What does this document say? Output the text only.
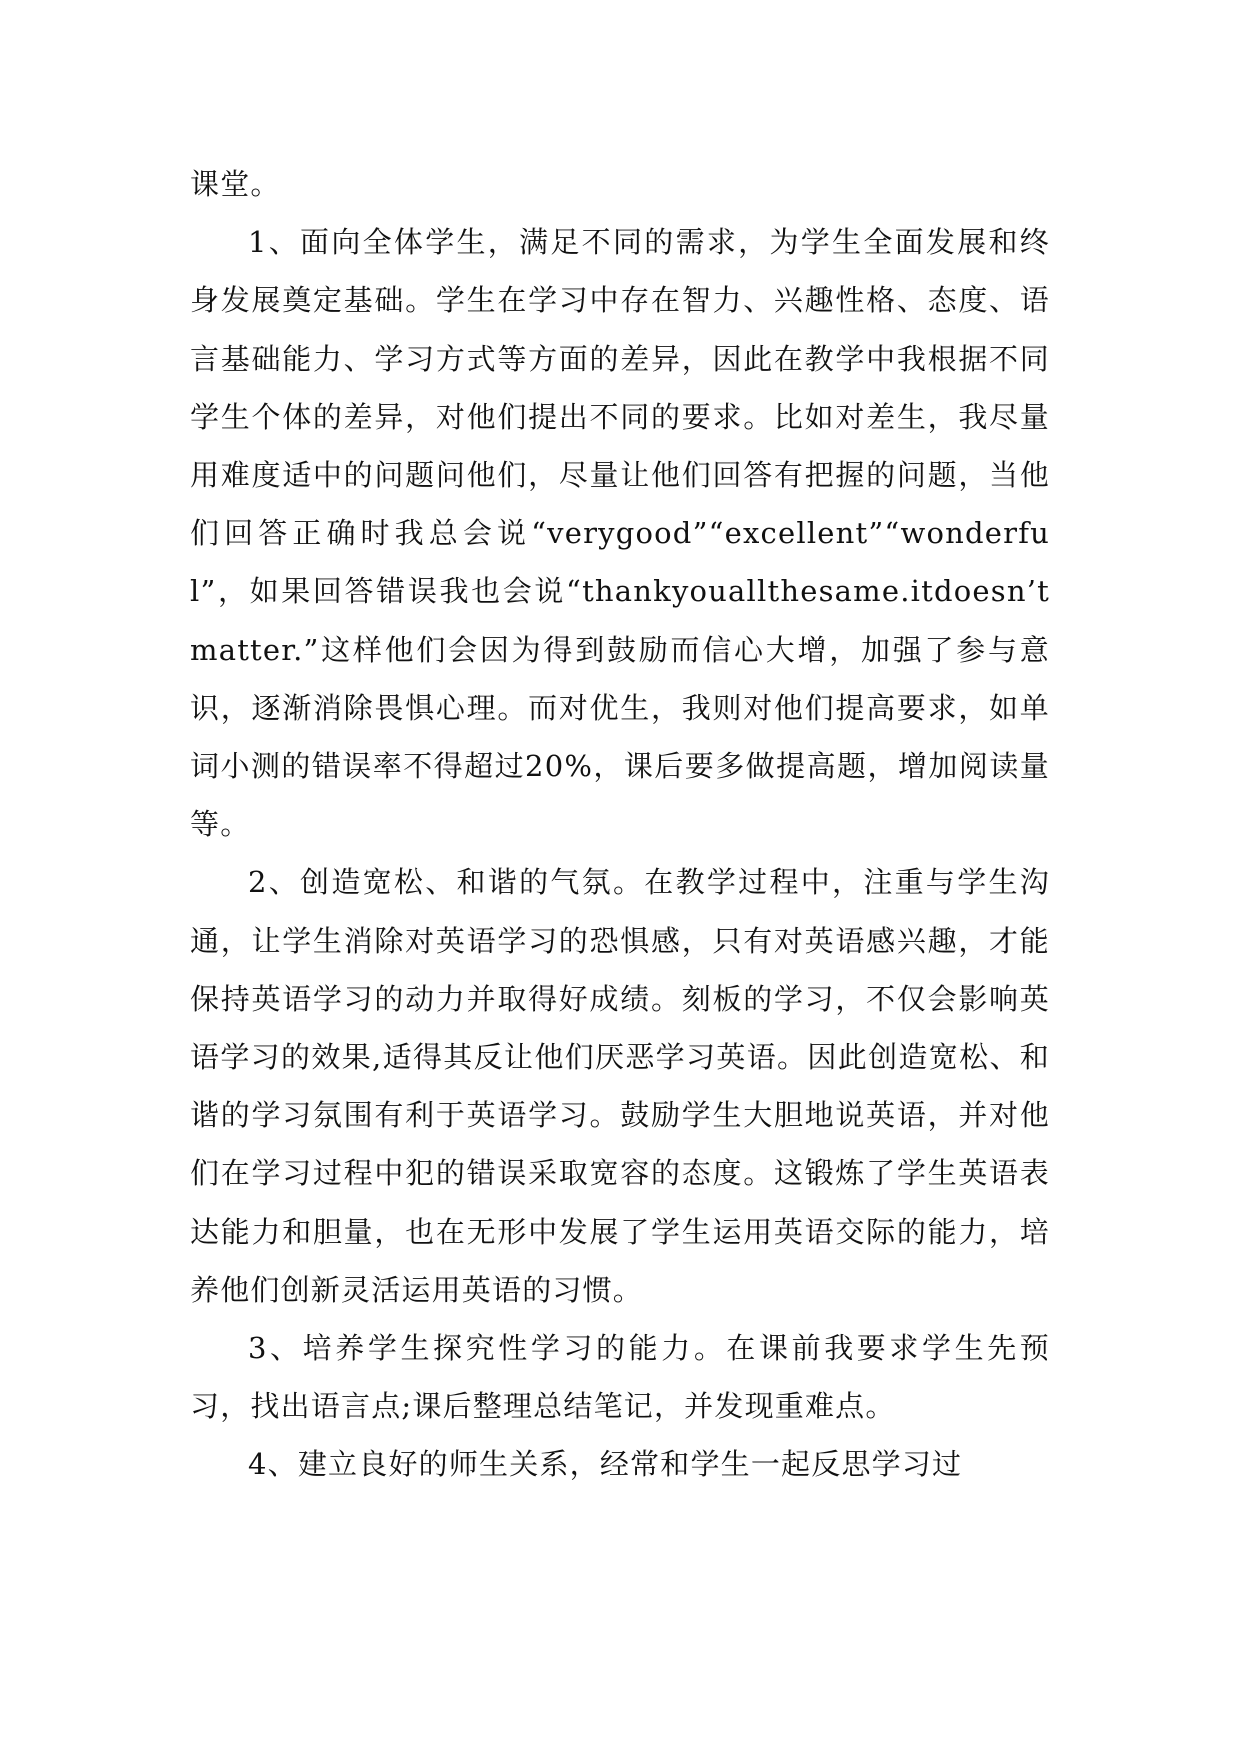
课堂。

1、面向全体学生，满足不同的需求，为学生全面发展和终身发展奠定基础。学生在学习中存在智力、兴趣性格、态度、语言基础能力、学习方式等方面的差异，因此在教学中我根据不同学生个体的差异，对他们提出不同的要求。比如对差生，我尽量用难度适中的问题问他们，尽量让他们回答有把握的问题，当他们回答正确时我总会说“verygood”“excellent”“wonderful”，如果回答错误我也会说“thankyouallthesame.itdoesn’tmatter.”这样他们会因为得到鼓励而信心大增，加强了参与意识，逐渐消除畏惧心理。而对优生，我则对他们提高要求，如单词小测的错误率不得超过20%，课后要多做提高题，增加阅读量等。

2、创造宽松、和谐的气氛。在教学过程中，注重与学生沟通，让学生消除对英语学习的恐惧感，只有对英语感兴趣，才能保持英语学习的动力并取得好成绩。刻板的学习，不仅会影响英语学习的效果,适得其反让他们厌恶学习英语。因此创造宽松、和谐的学习氛围有利于英语学习。鼓励学生大胆地说英语，并对他们在学习过程中犯的错误采取宽容的态度。这锻炼了学生英语表达能力和胆量，也在无形中发展了学生运用英语交际的能力，培养他们创新灵活运用英语的习惯。

3、培养学生探究性学习的能力。在课前我要求学生先预习，找出语言点;课后整理总结笔记，并发现重难点。

4、建立良好的师生关系，经常和学生一起反思学习过
